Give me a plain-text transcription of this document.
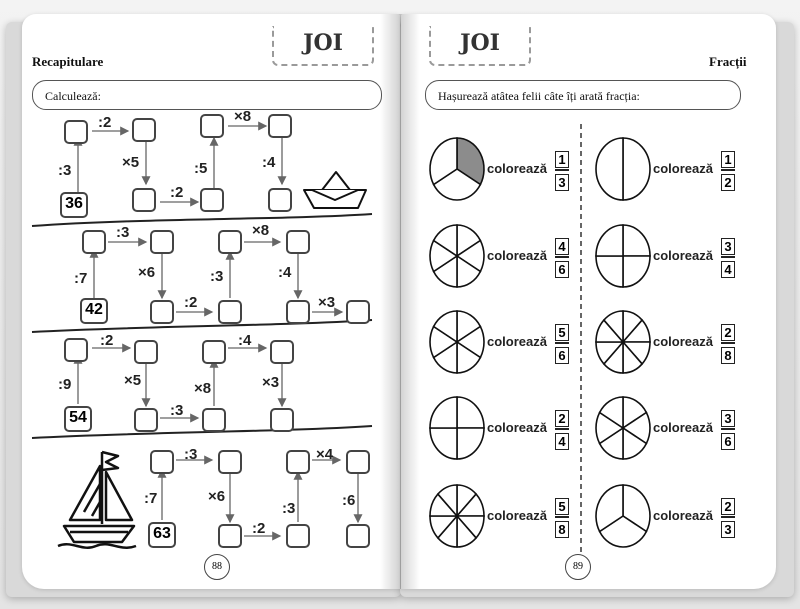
JOI
Recapitulare
Calculează:
36
:3
:2
×5
:2
:5
×8
:4
42
:7
:3
×6
:2
:3
×8
:4
×3
54
:9
:2
×5
:3
×8
:4
×3
63
:7
:3
×6
:2
:3
×4
:6
88
JOI
Fracții
Hașurează atâtea felii câte îți arată fracția:
colorează $\frac{1}{3}$	colorează $\frac{1}{2}$
colorează $\frac{4}{6}$	colorează $\frac{3}{4}$
colorează $\frac{5}{6}$	colorează $\frac{2}{8}$
colorează $\frac{2}{4}$	colorează $\frac{3}{6}$
colorează $\frac{5}{8}$	colorează $\frac{2}{3}$
89
